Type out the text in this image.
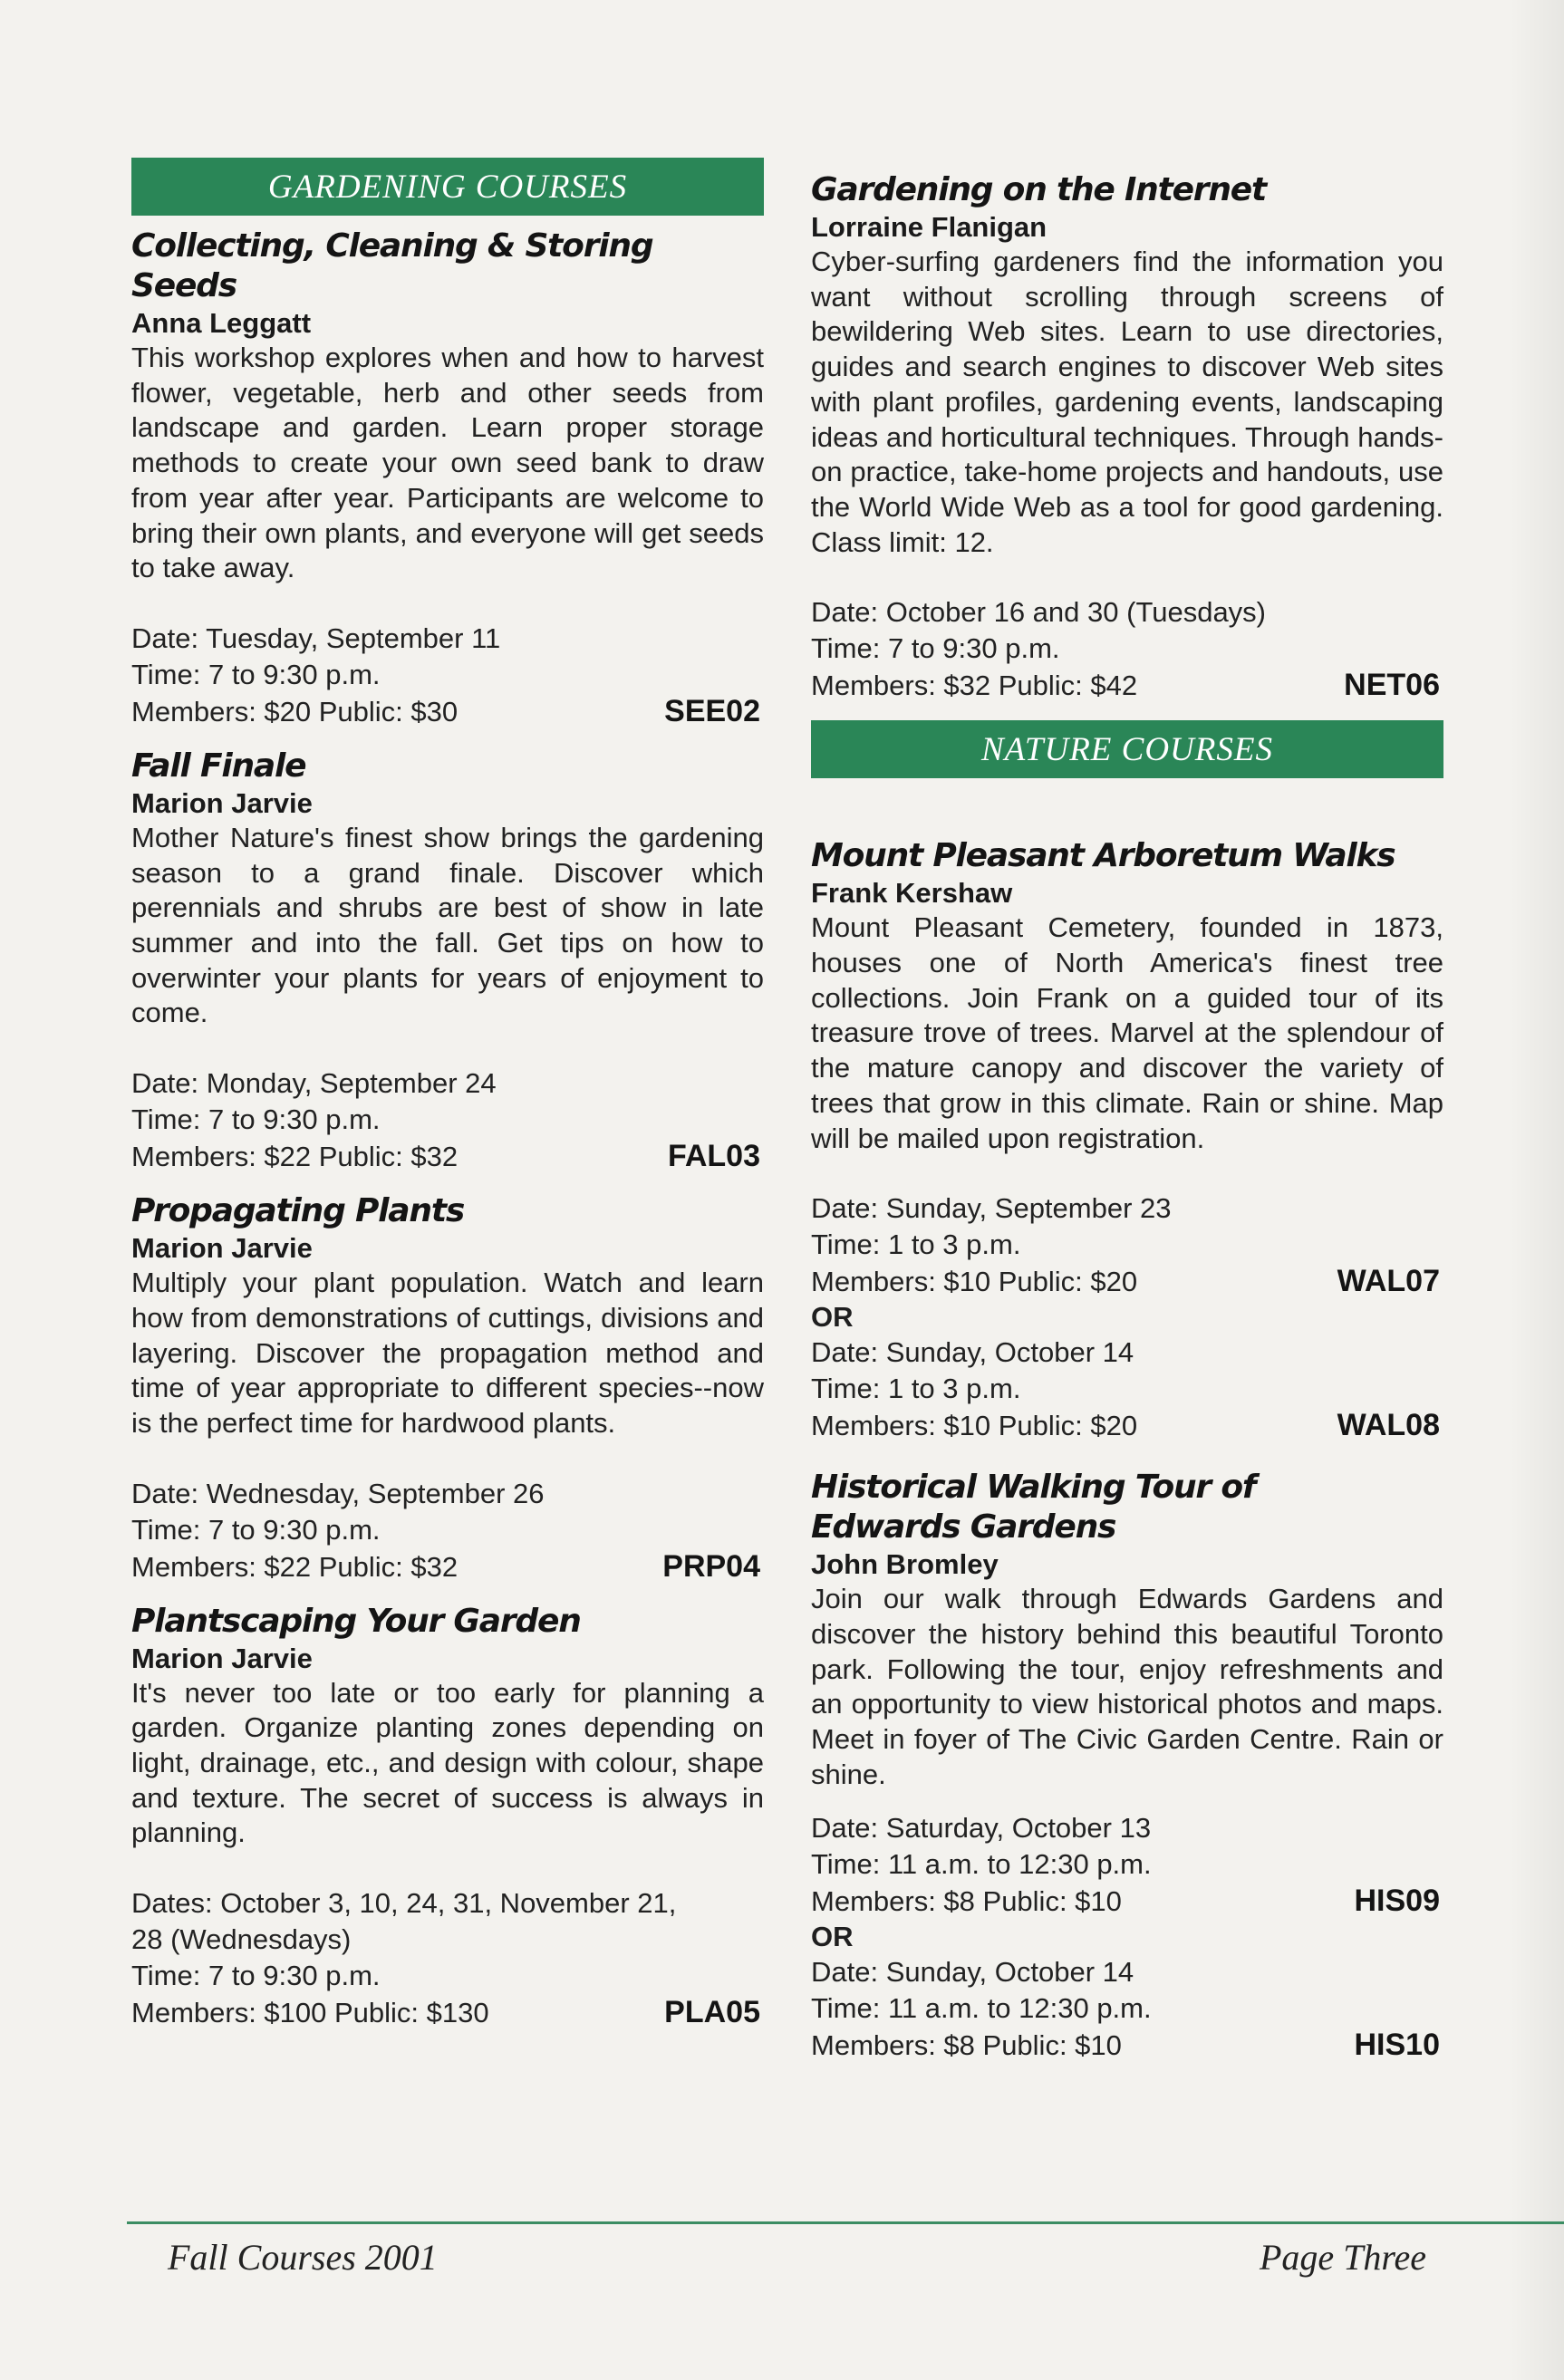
GARDENING COURSES
Collecting, Cleaning & Storing Seeds
Anna Leggatt
This workshop explores when and how to harvest flower, vegetable, herb and other seeds from landscape and garden. Learn proper storage methods to create your own seed bank to draw from year after year. Participants are welcome to bring their own plants, and everyone will get seeds to take away.
Date: Tuesday, September 11
Time: 7 to 9:30 p.m.
Members: $20 Public: $30	SEE02
Fall Finale
Marion Jarvie
Mother Nature's finest show brings the gardening season to a grand finale. Discover which perennials and shrubs are best of show in late summer and into the fall. Get tips on how to overwinter your plants for years of enjoyment to come.
Date: Monday, September 24
Time: 7 to 9:30 p.m.
Members: $22 Public: $32	FAL03
Propagating Plants
Marion Jarvie
Multiply your plant population. Watch and learn how from demonstrations of cuttings, divisions and layering. Discover the propagation method and time of year appropriate to different species--now is the perfect time for hardwood plants.
Date: Wednesday, September 26
Time: 7 to 9:30 p.m.
Members: $22 Public: $32	PRP04
Plantscaping Your Garden
Marion Jarvie
It's never too late or too early for planning a garden. Organize planting zones depending on light, drainage, etc., and design with colour, shape and texture. The secret of success is always in planning.
Dates: October 3, 10, 24, 31, November 21, 28 (Wednesdays)
Time: 7 to 9:30 p.m.
Members: $100 Public: $130	PLA05
Gardening on the Internet
Lorraine Flanigan
Cyber-surfing gardeners find the information you want without scrolling through screens of bewildering Web sites. Learn to use directories, guides and search engines to discover Web sites with plant profiles, gardening events, landscaping ideas and horticultural techniques. Through hands-on practice, take-home projects and handouts, use the World Wide Web as a tool for good gardening. Class limit: 12.
Date: October 16 and 30 (Tuesdays)
Time: 7 to 9:30 p.m.
Members: $32 Public: $42	NET06
NATURE COURSES
Mount Pleasant Arboretum Walks
Frank Kershaw
Mount Pleasant Cemetery, founded in 1873, houses one of North America's finest tree collections. Join Frank on a guided tour of its treasure trove of trees. Marvel at the splendour of the mature canopy and discover the variety of trees that grow in this climate. Rain or shine. Map will be mailed upon registration.
Date: Sunday, September 23
Time: 1 to 3 p.m.
Members: $10 Public: $20	WAL07
OR
Date: Sunday, October 14
Time: 1 to 3 p.m.
Members: $10 Public: $20	WAL08
Historical Walking Tour of
Edwards Gardens
John Bromley
Join our walk through Edwards Gardens and discover the history behind this beautiful Toronto park. Following the tour, enjoy refreshments and an opportunity to view historical photos and maps. Meet in foyer of The Civic Garden Centre. Rain or shine.
Date: Saturday, October 13
Time: 11 a.m. to 12:30 p.m.
Members: $8 Public: $10	HIS09
OR
Date: Sunday, October 14
Time: 11 a.m. to 12:30 p.m.
Members: $8 Public: $10	HIS10
Fall Courses 2001	Page Three
